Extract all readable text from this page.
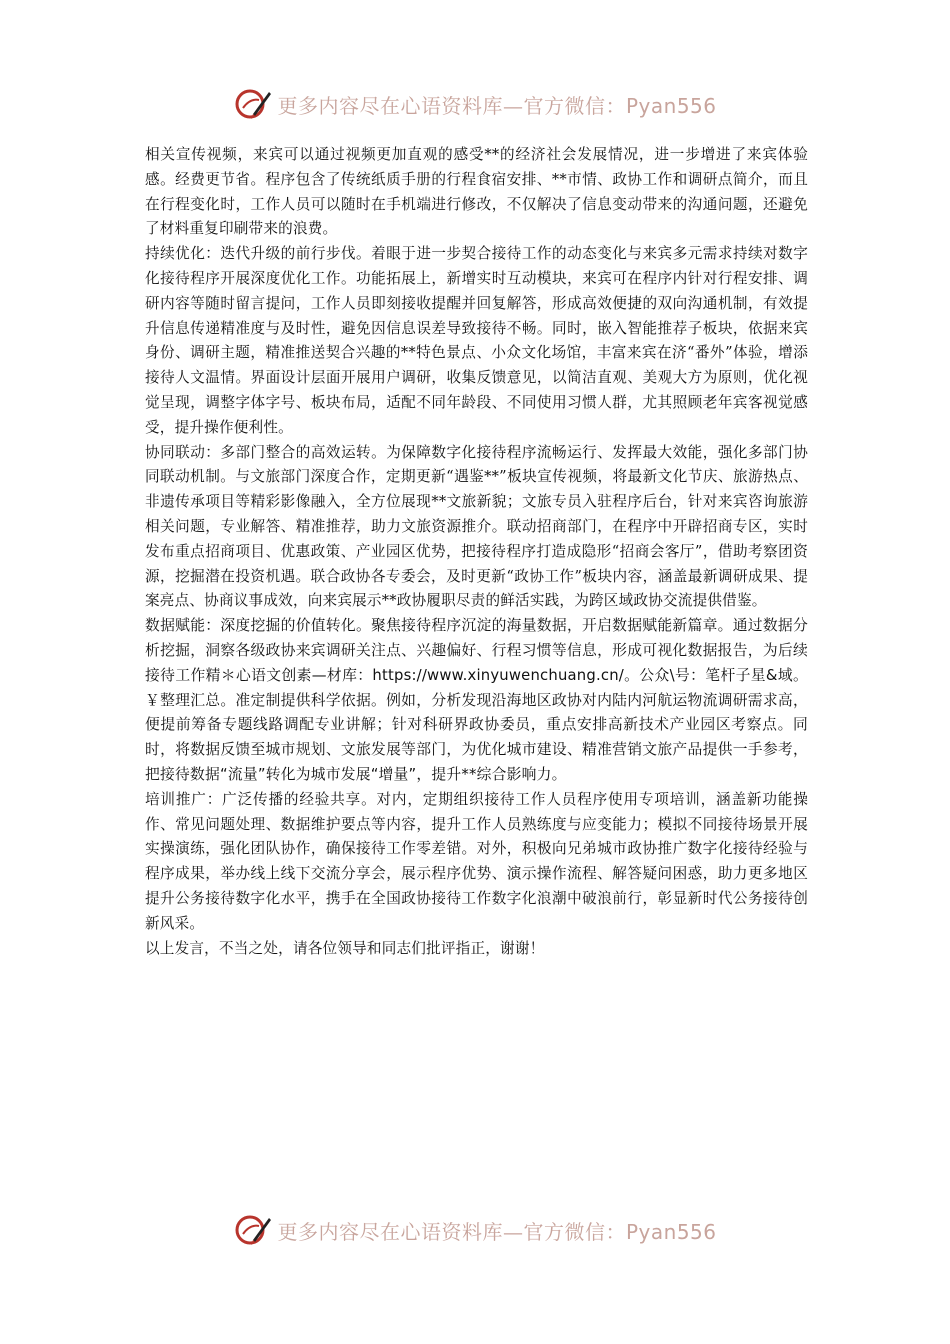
更多内容尽在心语资料库—官方微信：Pyan556

相关宣传视频，来宾可以通过视频更加直观的感受**的经济社会发展情况，进一步增进了来宾体验感。经费更节省。程序包含了传统纸质手册的行程食宿安排、**市情、政协工作和调研点简介，而且在行程变化时，工作人员可以随时在手机端进行修改，不仅解决了信息变动带来的沟通问题，还避免了材料重复印刷带来的浪费。

持续优化：迭代升级的前行步伐。着眼于进一步契合接待工作的动态变化与来宾多元需求持续对数字化接待程序开展深度优化工作。功能拓展上，新增实时互动模块，来宾可在程序内针对行程安排、调研内容等随时留言提问，工作人员即刻接收提醒并回复解答，形成高效便捷的双向沟通机制，有效提升信息传递精准度与及时性，避免因信息误差导致接待不畅。同时，嵌入智能推荐子板块，依据来宾身份、调研主题，精准推送契合兴趣的**特色景点、小众文化场馆，丰富来宾在济“番外”体验，增添接待人文温情。界面设计层面开展用户调研，收集反馈意见，以简洁直观、美观大方为原则，优化视觉呈现，调整字体字号、板块布局，适配不同年龄段、不同使用习惯人群，尤其照顾老年宾客视觉感受，提升操作便利性。

协同联动：多部门整合的高效运转。为保障数字化接待程序流畅运行、发挥最大效能，强化多部门协同联动机制。与文旅部门深度合作，定期更新“遇鉴**”板块宣传视频，将最新文化节庆、旅游热点、非遗传承项目等精彩影像融入，全方位展现**文旅新貌；文旅专员入驻程序后台，针对来宾咨询旅游相关问题，专业解答、精准推荐，助力文旅资源推介。联动招商部门，在程序中开辟招商专区，实时发布重点招商项目、优惠政策、产业园区优势，把接待程序打造成隐形“招商会客厅”，借助考察团资源，挖掘潜在投资机遇。联合政协各专委会，及时更新“政协工作”板块内容，涵盖最新调研成果、提案亮点、协商议事成效，向来宾展示**政协履职尽责的鲜活实践，为跨区域政协交流提供借鉴。

数据赋能：深度挖掘的价值转化。聚焦接待程序沉淀的海量数据，开启数据赋能新篇章。通过数据分析挖掘，洞察各级政协来宾调研关注点、兴趣偏好、行程习惯等信息，形成可视化数据报告，为后续接待工作精＊心语文创素—材库：https://www.xinyuwenchuang.cn/。公众\号：笔杆子星&域。￥整理汇总。准定制提供科学依据。例如，分析发现沿海地区政协对内陆内河航运物流调研需求高，便提前筹备专题线路调配专业讲解；针对科研界政协委员，重点安排高新技术产业园区考察点。同时，将数据反馈至城市规划、文旅发展等部门，为优化城市建设、精准营销文旅产品提供一手参考，把接待数据“流量”转化为城市发展“增量”，提升**综合影响力。

培训推广：广泛传播的经验共享。对内，定期组织接待工作人员程序使用专项培训，涵盖新功能操作、常见问题处理、数据维护要点等内容，提升工作人员熟练度与应变能力；模拟不同接待场景开展实操演练，强化团队协作，确保接待工作零差错。对外，积极向兄弟城市政协推广数字化接待经验与程序成果，举办线上线下交流分享会，展示程序优势、演示操作流程、解答疑问困惑，助力更多地区提升公务接待数字化水平，携手在全国政协接待工作数字化浪潮中破浪前行，彰显新时代公务接待创新风采。

以上发言，不当之处，请各位领导和同志们批评指正，谢谢！

更多内容尽在心语资料库—官方微信：Pyan556
